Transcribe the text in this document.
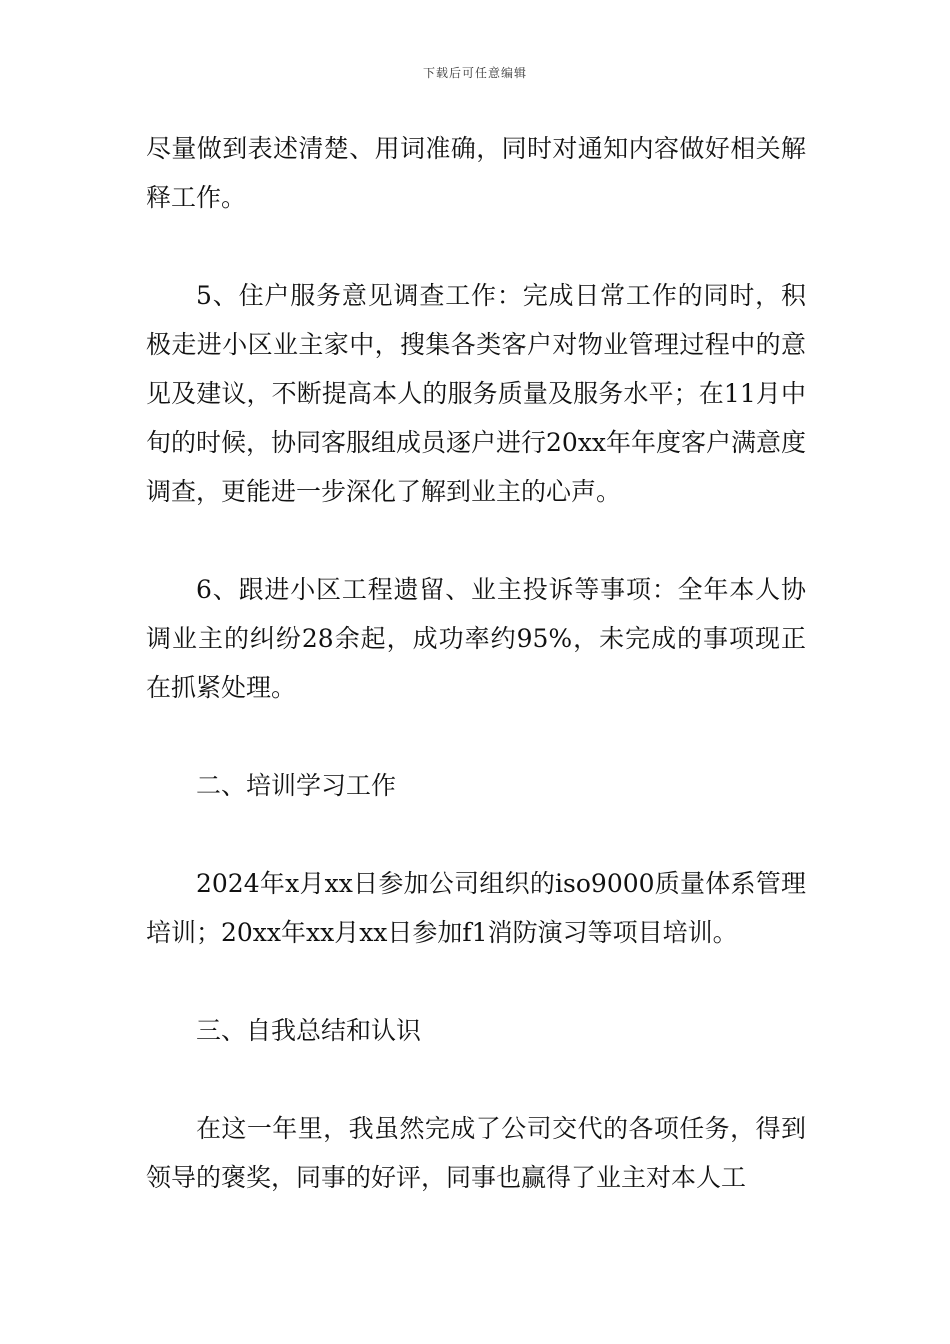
下载后可任意编辑

尽量做到表述清楚、用词准确，同时对通知内容做好相关解释工作。

5、住户服务意见调查工作：完成日常工作的同时，积极走进小区业主家中，搜集各类客户对物业管理过程中的意见及建议，不断提高本人的服务质量及服务水平；在11月中旬的时候，协同客服组成员逐户进行20xx年年度客户满意度调查，更能进一步深化了解到业主的心声。

6、跟进小区工程遗留、业主投诉等事项：全年本人协调业主的纠纷28余起，成功率约95%，未完成的事项现正在抓紧处理。

二、培训学习工作

2024年x月xx日参加公司组织的iso9000质量体系管理培训；20xx年xx月xx日参加f1消防演习等项目培训。

三、自我总结和认识

在这一年里，我虽然完成了公司交代的各项任务，得到领导的褒奖，同事的好评，同事也赢得了业主对本人工
